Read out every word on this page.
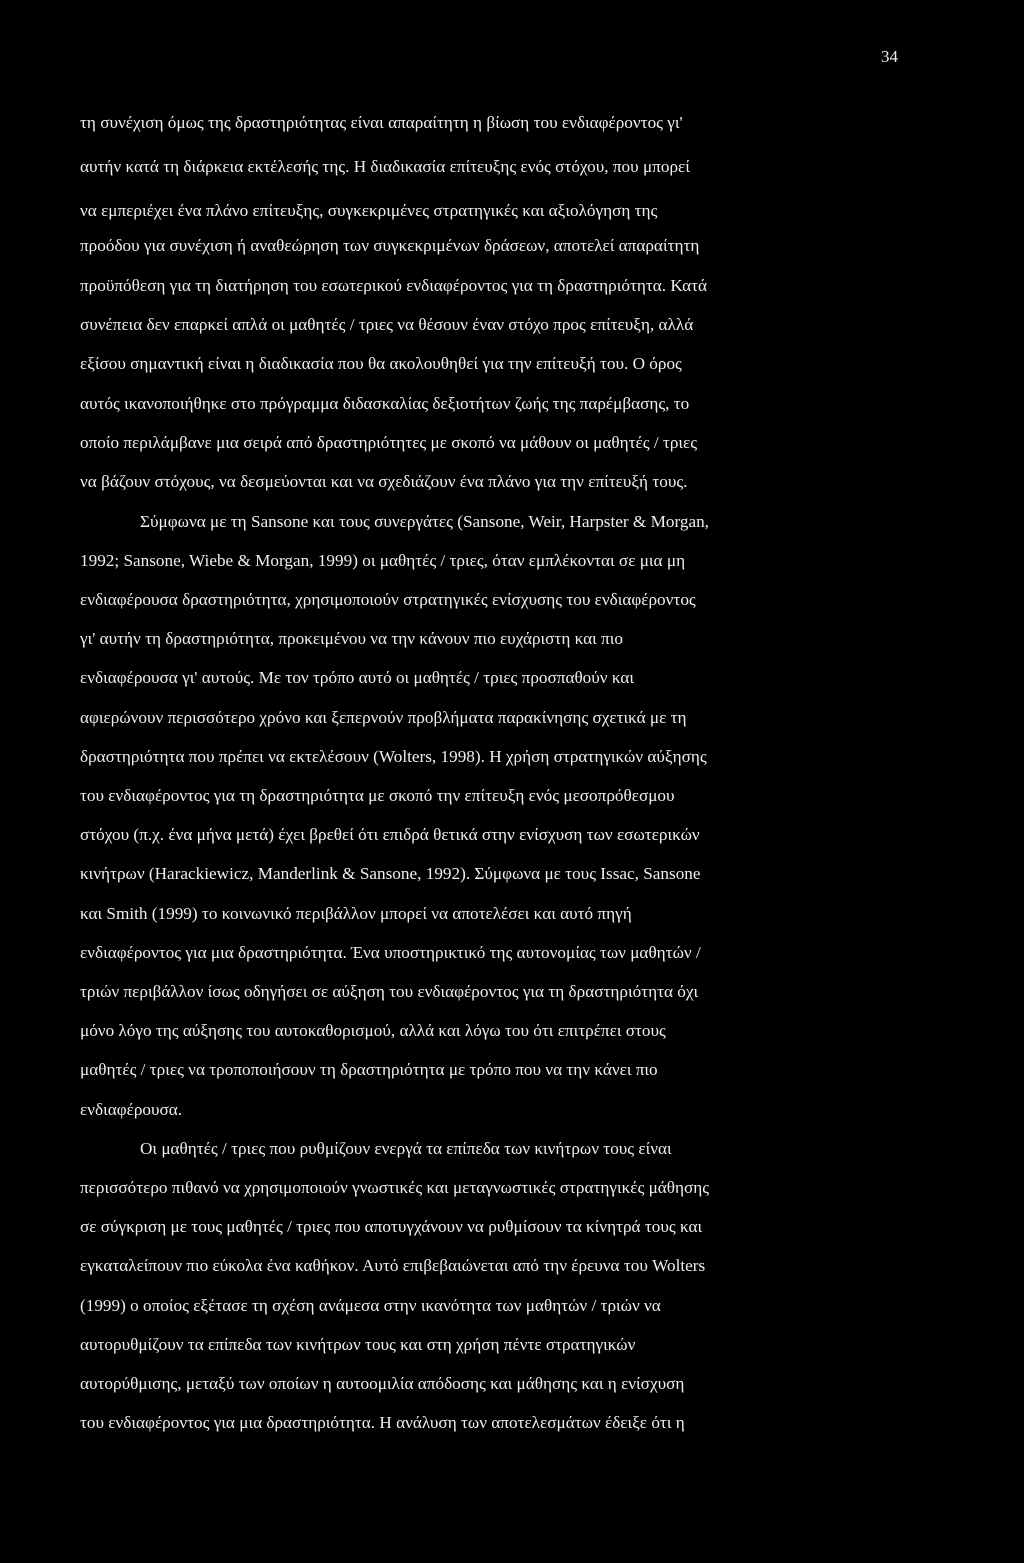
34
τη συνέχιση όμως της δραστηριότητας είναι απαραίτητη η βίωση του ενδιαφέροντος γι'
αυτήν κατά τη διάρκεια εκτέλεσής της. Η διαδικασία επίτευξης ενός στόχου, που μπορεί
να εμπεριέχει ένα πλάνο επίτευξης, συγκεκριμένες στρατηγικές και αξιολόγηση της
προόδου για συνέχιση ή αναθεώρηση των συγκεκριμένων δράσεων, αποτελεί απαραίτητη
προϋπόθεση για τη διατήρηση του εσωτερικού ενδιαφέροντος για τη δραστηριότητα. Κατά
συνέπεια δεν επαρκεί απλά οι μαθητές / τριες να θέσουν έναν στόχο προς επίτευξη, αλλά
εξίσου σημαντική είναι η διαδικασία που θα ακολουθηθεί για την επίτευξή του. Ο όρος
αυτός ικανοποιήθηκε στο πρόγραμμα διδασκαλίας δεξιοτήτων ζωής της παρέμβασης, το
οποίο περιλάμβανε μια σειρά από δραστηριότητες με σκοπό να μάθουν οι μαθητές / τριες
να βάζουν στόχους, να δεσμεύονται και να σχεδιάζουν ένα πλάνο για την επίτευξή τους.
Σύμφωνα με τη Sansone και τους συνεργάτες (Sansone, Weir, Harpster & Morgan,
1992; Sansone, Wiebe & Morgan, 1999) οι μαθητές / τριες, όταν εμπλέκονται σε μια μη
ενδιαφέρουσα δραστηριότητα, χρησιμοποιούν στρατηγικές ενίσχυσης του ενδιαφέροντος
γι' αυτήν τη δραστηριότητα, προκειμένου να την κάνουν πιο ευχάριστη και πιο
ενδιαφέρουσα γι' αυτούς. Με τον τρόπο αυτό οι μαθητές / τριες προσπαθούν και
αφιερώνουν περισσότερο χρόνο και ξεπερνούν προβλήματα παρακίνησης σχετικά με τη
δραστηριότητα που πρέπει να εκτελέσουν (Wolters, 1998). Η χρήση στρατηγικών αύξησης
του ενδιαφέροντος για τη δραστηριότητα με σκοπό την επίτευξη ενός μεσοπρόθεσμου
στόχου (π.χ. ένα μήνα μετά) έχει βρεθεί ότι επιδρά θετικά στην ενίσχυση των εσωτερικών
κινήτρων (Harackiewicz, Manderlink & Sansone, 1992). Σύμφωνα με τους Issac, Sansone
και Smith (1999) το κοινωνικό περιβάλλον μπορεί να αποτελέσει και αυτό πηγή
ενδιαφέροντος για μια δραστηριότητα. Ένα υποστηρικτικό της αυτονομίας των μαθητών /
τριών περιβάλλον ίσως οδηγήσει σε αύξηση του ενδιαφέροντος για τη δραστηριότητα όχι
μόνο λόγο της αύξησης του αυτοκαθορισμού, αλλά και λόγω του ότι επιτρέπει στους
μαθητές / τριες να τροποποιήσουν τη δραστηριότητα με τρόπο που να την κάνει πιο
ενδιαφέρουσα.
Οι μαθητές / τριες που ρυθμίζουν ενεργά τα επίπεδα των κινήτρων τους είναι
περισσότερο πιθανό να χρησιμοποιούν γνωστικές και μεταγνωστικές στρατηγικές μάθησης
σε σύγκριση με τους μαθητές / τριες που αποτυγχάνουν να ρυθμίσουν τα κίνητρά τους και
εγκαταλείπουν πιο εύκολα ένα καθήκον. Αυτό επιβεβαιώνεται από την έρευνα του Wolters
(1999) ο οποίος εξέτασε τη σχέση ανάμεσα στην ικανότητα των μαθητών / τριών να
αυτορυθμίζουν τα επίπεδα των κινήτρων τους και στη χρήση πέντε στρατηγικών
αυτορύθμισης, μεταξύ των οποίων η αυτοομιλία απόδοσης και μάθησης και η ενίσχυση
του ενδιαφέροντος για μια δραστηριότητα. Η ανάλυση των αποτελεσμάτων έδειξε ότι η
